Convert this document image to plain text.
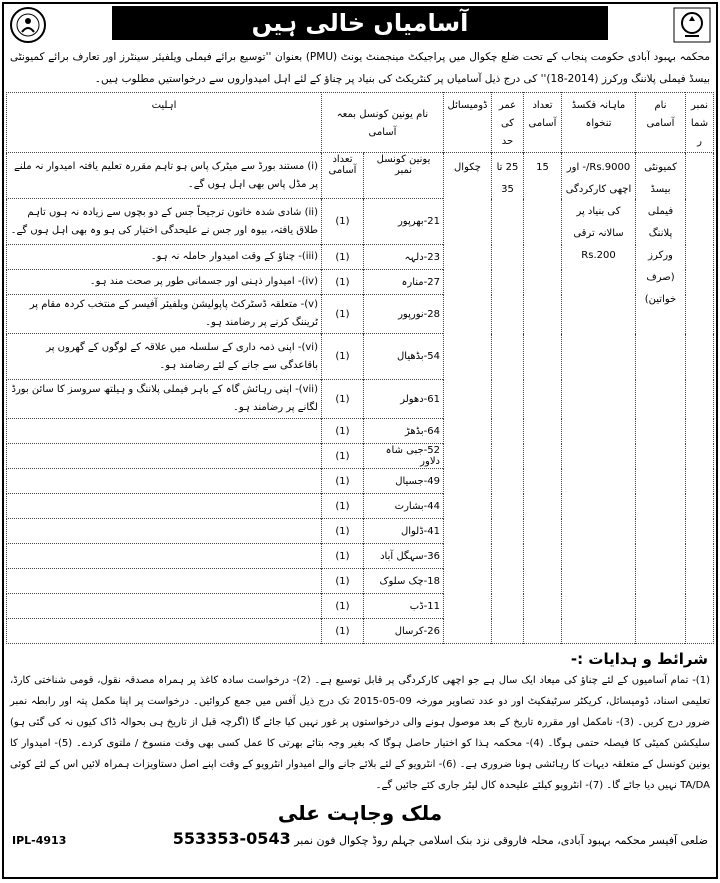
آسامیاں خالی ہیں
محکمہ بہبود آبادی حکومت پنجاب کے تحت ضلع چکوال میں پراجیکٹ مینجمنٹ یونٹ (PMU) بعنوان ''توسیع برائے فیملی ویلفیئر سینٹرز اور تعارف برائے کمیونٹی بیسڈ فیملی پلاننگ ورکرز (2014-18)'' کی درج ذیل آسامیاں پر کنٹریکٹ کی بنیاد پر چناؤ کے لئے اہل امیدواروں سے درخواستیں مطلوب ہیں۔
نمبر شمار	نام آسامی	ماہانہ فکسڈ تنخواہ	تعداد آسامی	عمر کی حد	ڈومیسائل	نام یونین کونسل بمعہ آسامی		اہلیت
	کمیونٹی بیسڈ فیملی پلاننگ ورکرز (صرف خواتین)	Rs.9000/- اور اچھی کارکردگی کی بنیاد پر سالانہ ترقی Rs.200	15	25 تا 35	چکوال	یونین کونسل نمبر	تعداد آسامی	(i) مستند بورڈ سے میٹرک پاس ہو تاہم مقررہ تعلیم یافتہ امیدوار نہ ملنے پر مڈل پاس بھی اہل ہوں گے۔
						21-بھرپور	(1)	(ii) شادی شدہ خاتون ترجیحاً جس کے دو بچوں سے زیادہ نہ ہوں تاہم طلاق یافتہ، بیوہ اور جس نے علیحدگی اختیار کی ہو وہ بھی اہل ہوں گے۔
						23-دلہہ	(1)	(iii)- چناؤ کے وقت امیدوار حاملہ نہ ہو۔
						27-منارہ	(1)	(iv)- امیدوار ذہنی اور جسمانی طور پر صحت مند ہو۔
						28-نورپور	(1)	(v)- متعلقہ ڈسٹرکٹ پاپولیشن ویلفیئر آفیسر کے منتخب کردہ مقام پر ٹریننگ کرنے پر رضامند ہو۔
						54-بڈھیال	(1)	(vi)- اپنی ذمہ داری کے سلسلہ میں علاقہ کے لوگوں کے گھروں پر باقاعدگی سے جانے کے لئے رضامند ہو۔
						61-دھولر	(1)	(vii)- اپنی رہائش گاہ کے باہر فیملی پلاننگ و ہیلتھ سروسز کا سائن بورڈ لگانے پر رضامند ہو۔
						64-بڈھڑ	(1)	
						52-جبی شاہ دلاور	(1)	
						49-جسیال	(1)	
						44-بشارت	(1)	
						41-ڈلوال	(1)	
						36-سہگل آباد	(1)	
						18-چک سلوک	(1)	
						11-ڈب	(1)	
						26-کرسال	(1)	
شرائط و ہدایات :-
(1)- تمام آسامیوں کے لئے چناؤ کی میعاد ایک سال ہے جو اچھی کارکردگی پر قابل توسیع ہے۔ (2)- درخواست سادہ کاغذ پر ہمراہ مصدقہ نقول، قومی شناختی کارڈ، تعلیمی اسناد، ڈومیسائل، کریکٹر سرٹیفکیٹ اور دو عدد تصاویر مورخہ 09-05-2015 تک درج ذیل آفس میں جمع کروائیں۔ درخواست پر اپنا مکمل پتہ اور رابطہ نمبر ضرور درج کریں۔ (3)- نامکمل اور مقررہ تاریخ کے بعد موصول ہونے والی درخواستوں پر غور نہیں کیا جائے گا (اگرچہ قبل از تاریخ ہی بحوالہ ڈاک کیوں نہ کی گئی ہو) سلیکشن کمیٹی کا فیصلہ حتمی ہوگا۔ (4)- محکمہ ہذا کو اختیار حاصل ہوگا کہ بغیر وجہ بتائے بھرتی کا عمل کسی بھی وقت منسوخ / ملتوی کردے۔ (5)- امیدوار کا یونین کونسل کے متعلقہ دیہات کا رہائشی ہونا ضروری ہے۔ (6)- انٹرویو کے لئے بلائے جانے والے امیدوار انٹرویو کے وقت اپنے اصل دستاویزات ہمراہ لائیں اس کے لئے کوئی TA/DA نہیں دیا جائے گا۔ (7)- انٹرویو کیلئے علیحدہ کال لیٹر جاری کئے جائیں گے۔
ملک وجاہت علی
ضلعی آفیسر محکمہ بہبود آبادی، محلہ فاروقی نزد بنک اسلامی جہلم روڈ چکوال فون نمبر 0543-553353
IPL-4913
